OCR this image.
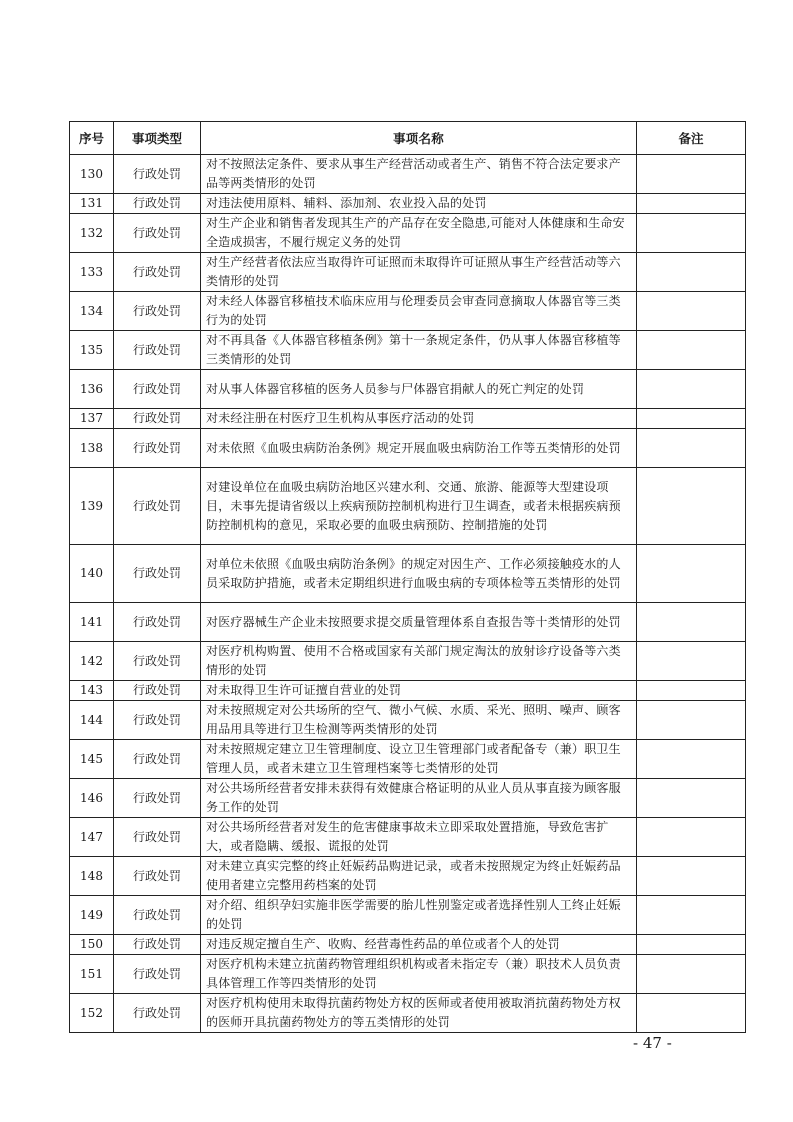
序号	事项类型	事项名称	备注
130	行政处罚	对不按照法定条件、要求从事生产经营活动或者生产、销售不符合法定要求产品等两类情形的处罚	
131	行政处罚	对违法使用原料、辅料、添加剂、农业投入品的处罚	
132	行政处罚	对生产企业和销售者发现其生产的产品存在安全隐患,可能对人体健康和生命安全造成损害，不履行规定义务的处罚	
133	行政处罚	对生产经营者依法应当取得许可证照而未取得许可证照从事生产经营活动等六类情形的处罚	
134	行政处罚	对未经人体器官移植技术临床应用与伦理委员会审查同意摘取人体器官等三类行为的处罚	
135	行政处罚	对不再具备《人体器官移植条例》第十一条规定条件，仍从事人体器官移植等三类情形的处罚	
136	行政处罚	对从事人体器官移植的医务人员参与尸体器官捐献人的死亡判定的处罚	
137	行政处罚	对未经注册在村医疗卫生机构从事医疗活动的处罚	
138	行政处罚	对未依照《血吸虫病防治条例》规定开展血吸虫病防治工作等五类情形的处罚	
139	行政处罚	对建设单位在血吸虫病防治地区兴建水利、交通、旅游、能源等大型建设项目，未事先提请省级以上疾病预防控制机构进行卫生调查，或者未根据疾病预防控制机构的意见，采取必要的血吸虫病预防、控制措施的处罚	
140	行政处罚	对单位未依照《血吸虫病防治条例》的规定对因生产、工作必须接触疫水的人员采取防护措施，或者未定期组织进行血吸虫病的专项体检等五类情形的处罚	
141	行政处罚	对医疗器械生产企业未按照要求提交质量管理体系自查报告等十类情形的处罚	
142	行政处罚	对医疗机构购置、使用不合格或国家有关部门规定淘汰的放射诊疗设备等六类情形的处罚	
143	行政处罚	对未取得卫生许可证擅自营业的处罚	
144	行政处罚	对未按照规定对公共场所的空气、微小气候、水质、采光、照明、噪声、顾客用品用具等进行卫生检测等两类情形的处罚	
145	行政处罚	对未按照规定建立卫生管理制度、设立卫生管理部门或者配备专（兼）职卫生管理人员，或者未建立卫生管理档案等七类情形的处罚	
146	行政处罚	对公共场所经营者安排未获得有效健康合格证明的从业人员从事直接为顾客服务工作的处罚	
147	行政处罚	对公共场所经营者对发生的危害健康事故未立即采取处置措施，导致危害扩大，或者隐瞒、缓报、谎报的处罚	
148	行政处罚	对未建立真实完整的终止妊娠药品购进记录，或者未按照规定为终止妊娠药品使用者建立完整用药档案的处罚	
149	行政处罚	对介绍、组织孕妇实施非医学需要的胎儿性别鉴定或者选择性别人工终止妊娠的处罚	
150	行政处罚	对违反规定擅自生产、收购、经营毒性药品的单位或者个人的处罚	
151	行政处罚	对医疗机构未建立抗菌药物管理组织机构或者未指定专（兼）职技术人员负责具体管理工作等四类情形的处罚	
152	行政处罚	对医疗机构使用未取得抗菌药物处方权的医师或者使用被取消抗菌药物处方权的医师开具抗菌药物处方的等五类情形的处罚	
- 47 -
